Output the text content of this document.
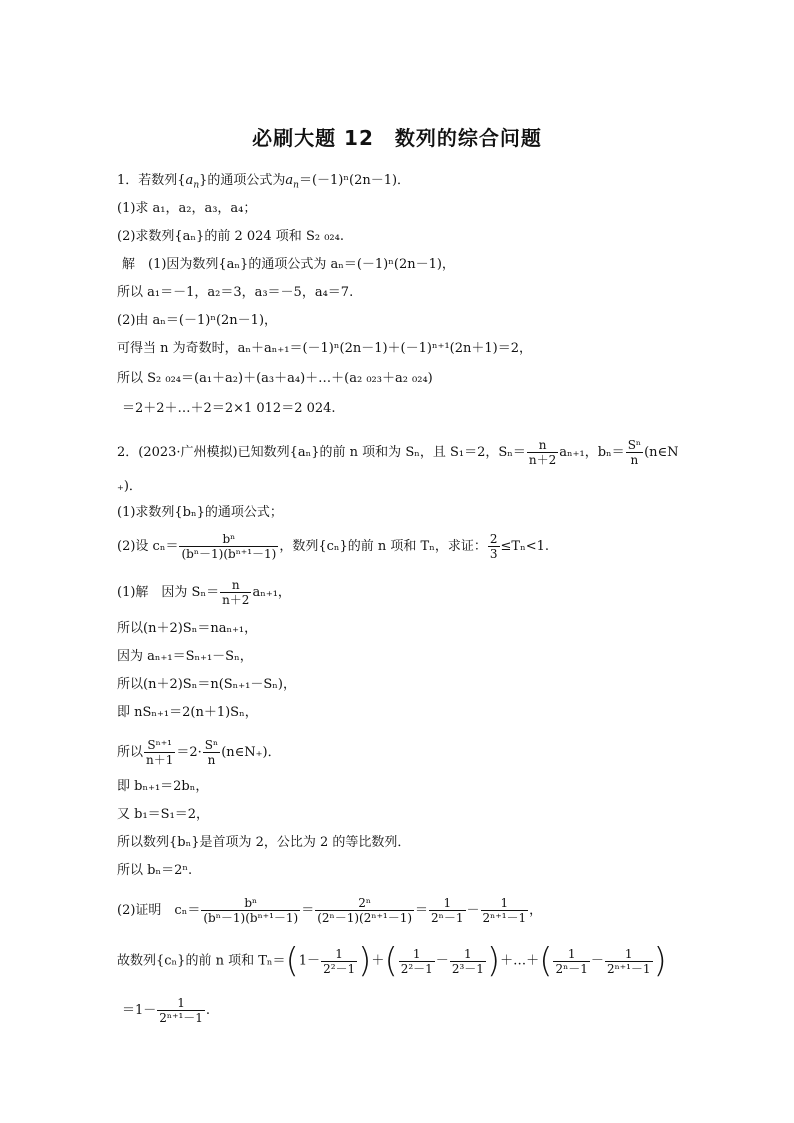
必刷大题 12　数列的综合问题
1．若数列$\{a_n\}$的通项公式为$a_n=(-1)^n(2n-1)$．
(1)求 a₁，a₂，a₃，a₄；
(2)求数列{aₙ}的前 2 024 项和 S₂ ₀₂₄.
解　(1)因为数列{aₙ}的通项公式为 aₙ＝(－1)ⁿ(2n－1)，
所以 a₁＝－1，a₂＝3，a₃＝－5，a₄＝7.
(2)由 aₙ＝(－1)ⁿ(2n－1)，
可得当 n 为奇数时，aₙ＋aₙ₊₁＝(－1)ⁿ(2n－1)＋(－1)ⁿ⁺¹(2n＋1)＝2，
所以 S₂ ₀₂₄＝(a₁＋a₂)＋(a₃＋a₄)＋…＋(a₂ ₀₂₃＋a₂ ₀₂₄)
＝2＋2＋…＋2＝2×1 012＝2 024.
2．(2023·广州模拟)已知数列{aₙ}的前 n 项和为 Sₙ，且 S₁＝2，$S_n= \frac{n}{n+2} a_{n+1}$，$b_n= \frac{\text{Sⁿ}}{n}$ (n∈N
₊)．
(1)求数列{bₙ}的通项公式；
(2)设 $c_n= \frac{\text{bⁿ}}{\text{(bⁿ－1)(bⁿ⁺¹－1)}}$ ，数列{cₙ}的前 n 项和 Tₙ，求证： $\frac{2}{3} \le T_n<1$.
(1)解　因为 $S_n= \frac{n}{n+2} a_{n+1}$，
所以(n＋2)Sₙ＝naₙ₊₁，
因为 aₙ₊₁＝Sₙ₊₁－Sₙ，
所以(n＋2)Sₙ＝n(Sₙ₊₁－Sₙ)，
即 nSₙ₊₁＝2(n＋1)Sₙ，
所以 $\frac{\text{Sⁿ⁺¹}}{n+1} =2\cdot \frac{\text{Sⁿ}}{n}$ (n∈N₊)．
即 bₙ₊₁＝2bₙ，
又 b₁＝S₁＝2，
所以数列{bₙ}是首项为 2，公比为 2 的等比数列．
所以 bₙ＝2ⁿ.
(2)证明　$c_n= \frac{\text{bⁿ}}{\text{(bⁿ－1)(bⁿ⁺¹－1)}} = \frac{\text{2ⁿ}}{\text{(2ⁿ－1)(2ⁿ⁺¹－1)}} = \frac{1}{\text{2ⁿ－1}} - \frac{1}{\text{2ⁿ⁺¹－1}}$ ，
故数列{cₙ}的前 n 项和 $T_n=(1- \frac{1}{\text{2²－1}}$ )＋( $\frac{1}{\text{2²－1}} - \frac{1}{\text{2³－1}}$ )＋…＋( $\frac{1}{\text{2ⁿ－1}} - \frac{1}{\text{2ⁿ⁺¹－1}}$ )
$=1- \frac{1}{\text{2ⁿ⁺¹－1}}$ .
